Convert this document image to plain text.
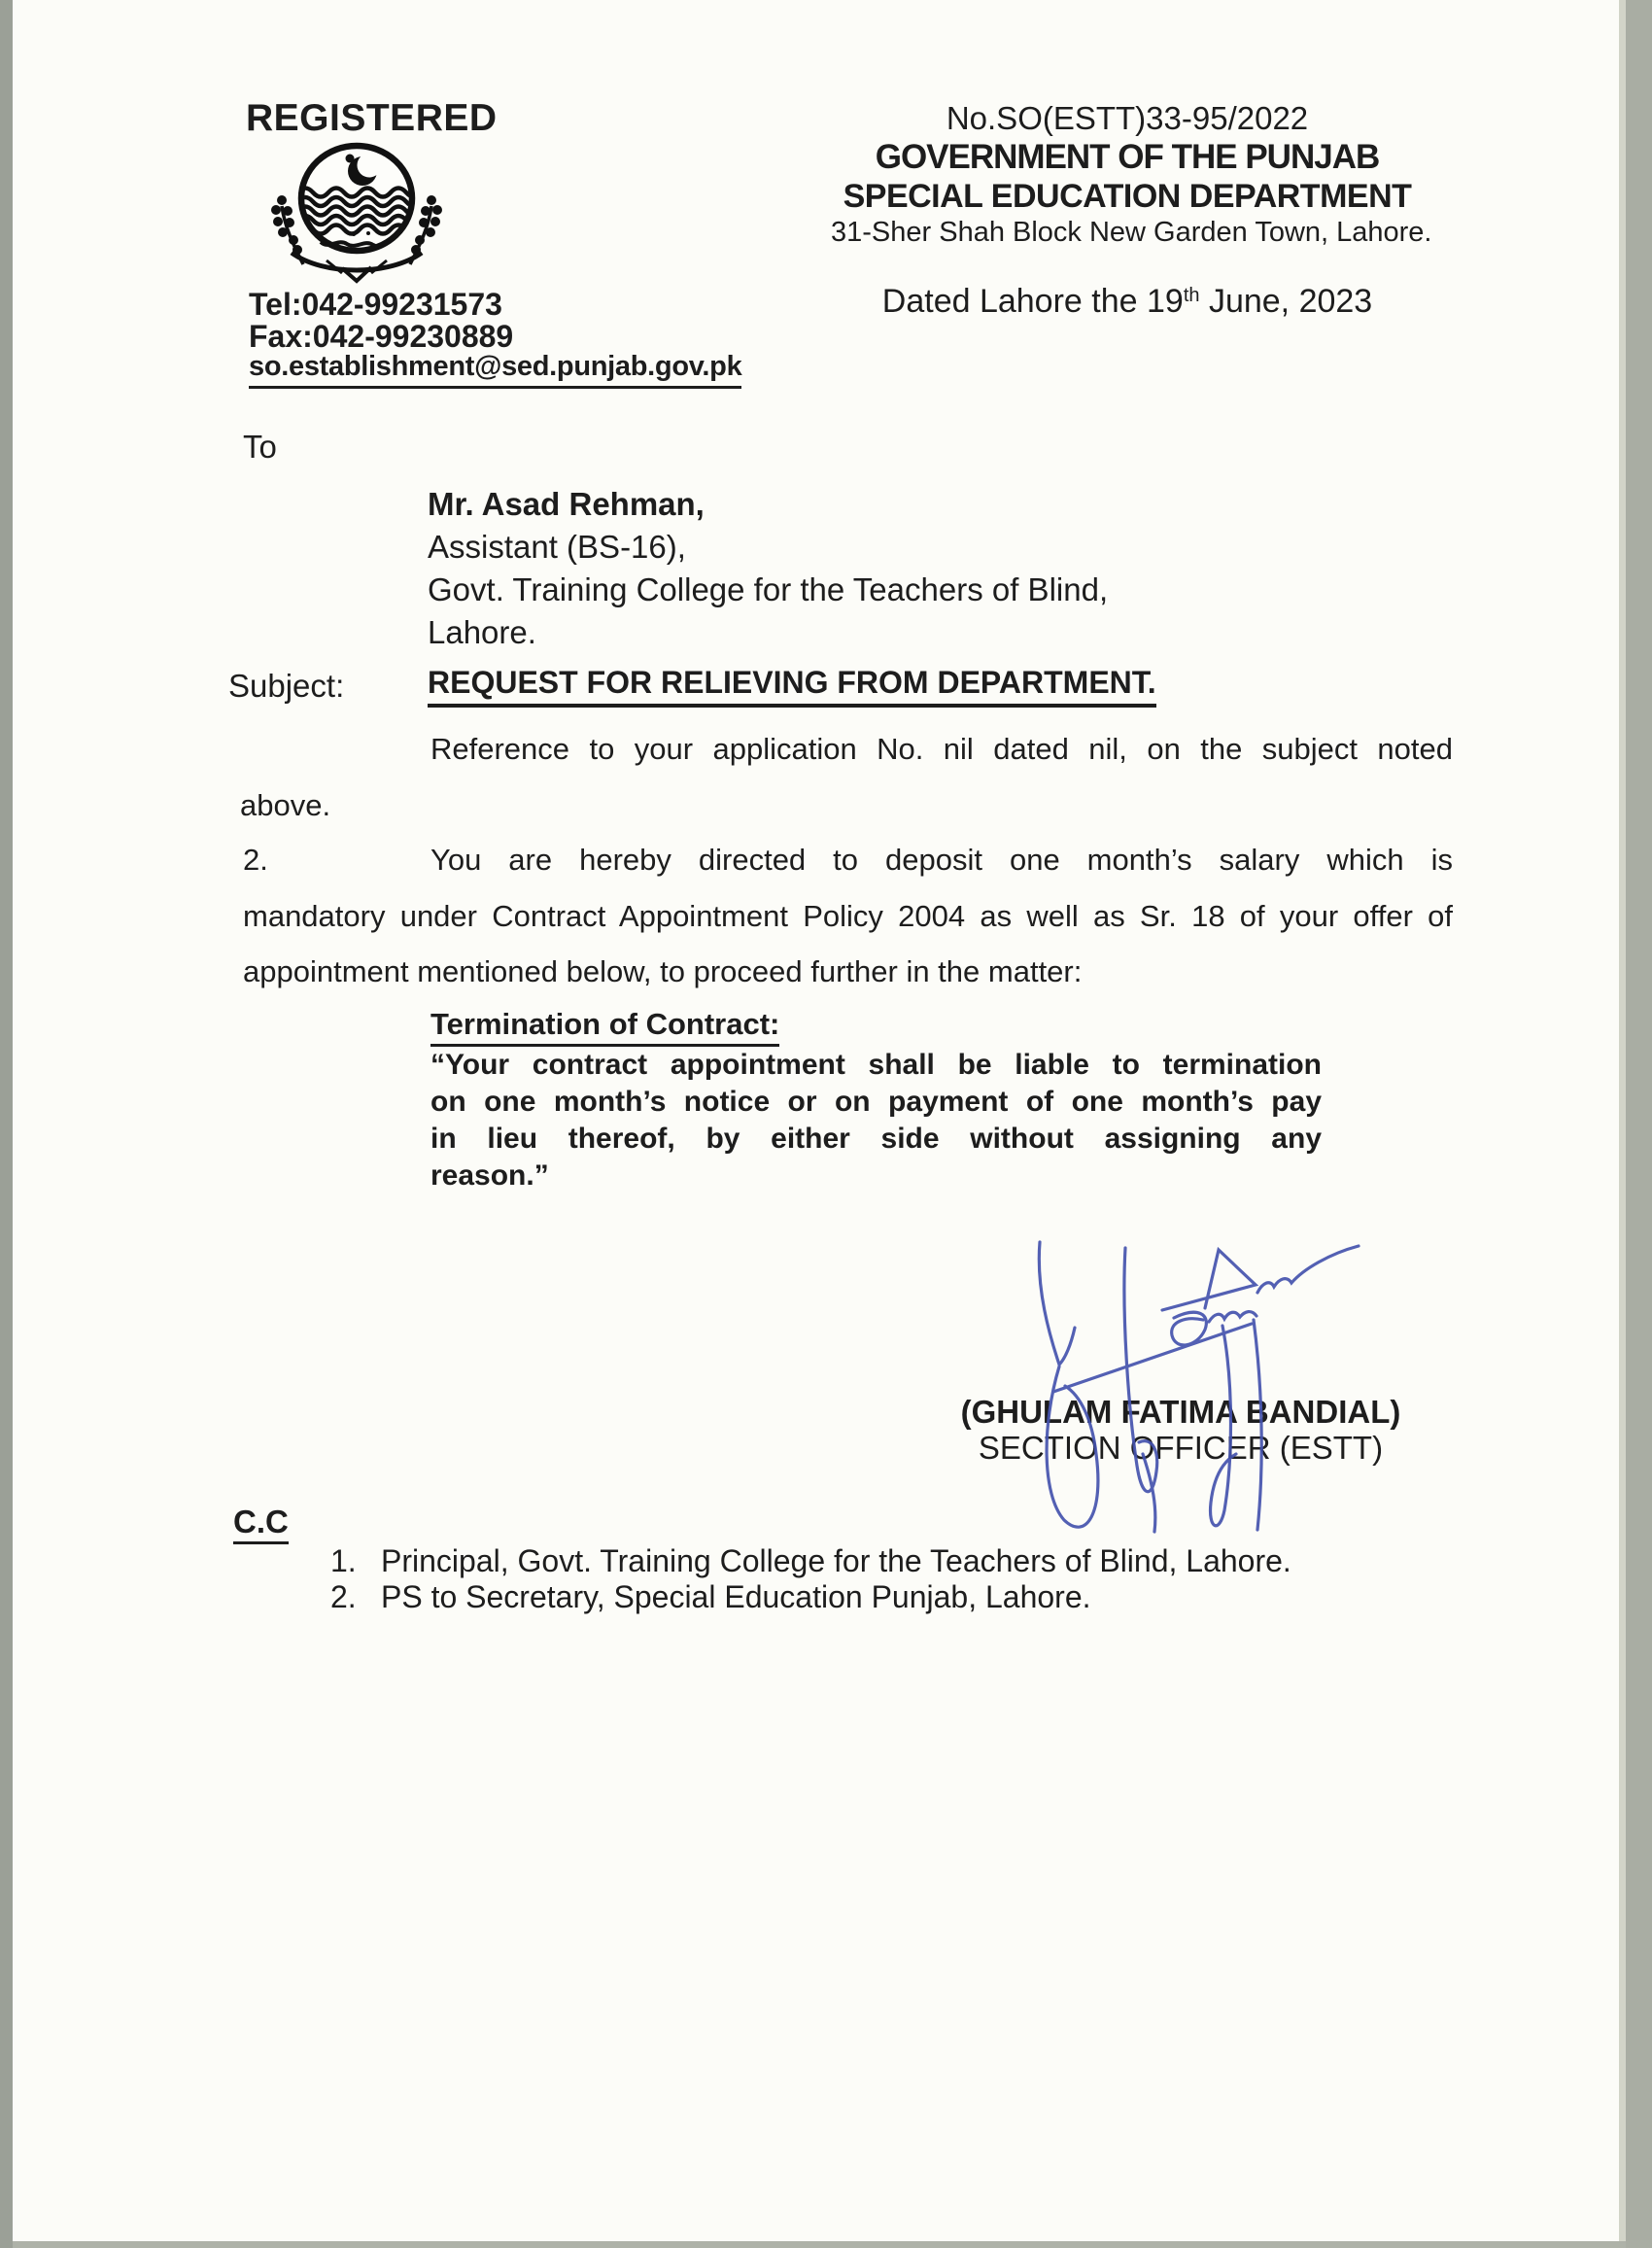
REGISTERED
Tel:042-99231573
Fax:042-99230889
so.establishment@sed.punjab.gov.pk
No.SO(ESTT)33-95/2022
GOVERNMENT OF THE PUNJAB
SPECIAL EDUCATION DEPARTMENT
31-Sher Shah Block New Garden Town, Lahore.
Dated Lahore the 19th June, 2023
To
Mr. Asad Rehman,
Assistant (BS-16),
Govt. Training College for the Teachers of Blind,
Lahore.
Subject:	REQUEST FOR RELIEVING FROM DEPARTMENT.
Reference to your application No. nil dated nil, on the subject noted
above.
2.	You are hereby directed to deposit one month’s salary which is
mandatory under Contract Appointment Policy 2004 as well as Sr. 18 of your offer of
appointment mentioned below, to proceed further in the matter:
Termination of Contract:
“Your contract appointment shall be liable to termination
on one month’s notice or on payment of one month’s pay
in lieu thereof, by either side without assigning any
reason.”
(GHULAM FATIMA BANDIAL)
SECTION OFFICER (ESTT)
C.C
1. Principal, Govt. Training College for the Teachers of Blind, Lahore.
2. PS to Secretary, Special Education Punjab, Lahore.
